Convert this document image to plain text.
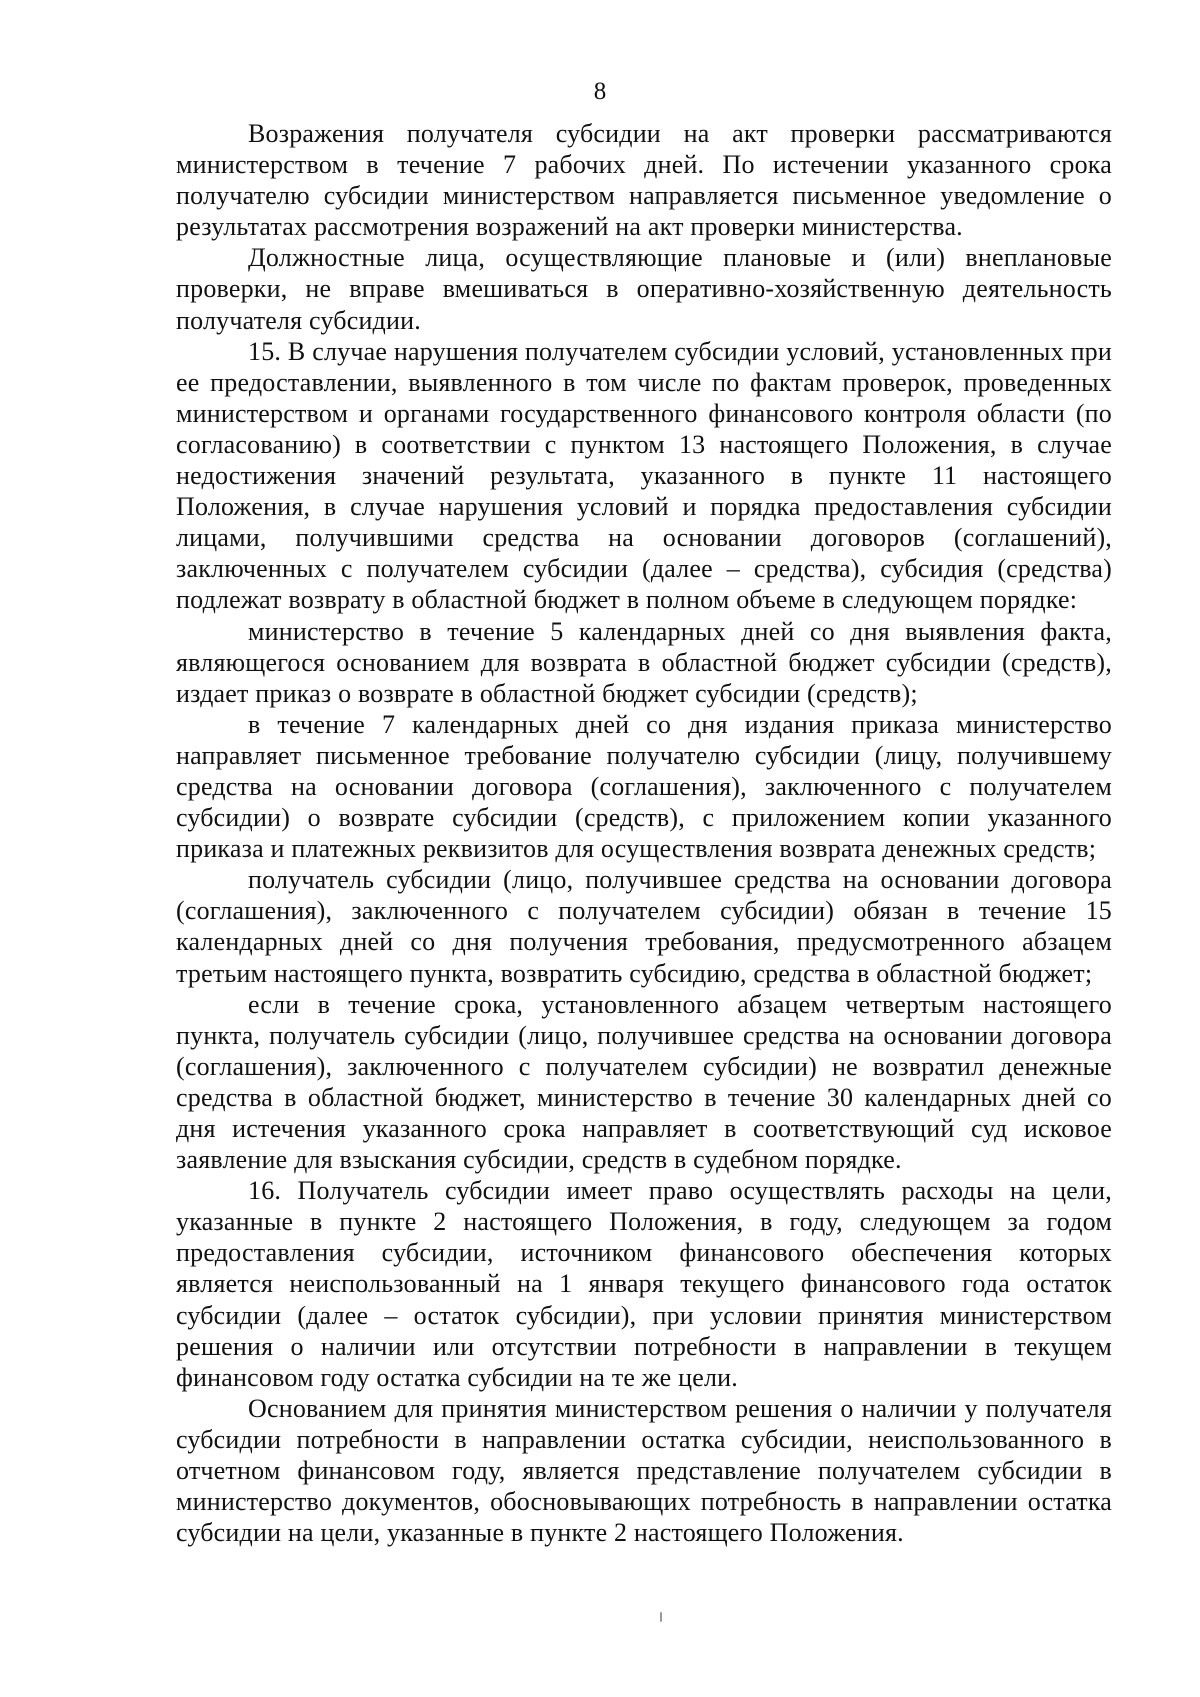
8

Возражения получателя субсидии на акт проверки рассматриваются министерством в течение 7 рабочих дней. По истечении указанного срока получателю субсидии министерством направляется письменное уведомление о результатах рассмотрения возражений на акт проверки министерства.

Должностные лица, осуществляющие плановые и (или) внеплановые проверки, не вправе вмешиваться в оперативно-хозяйственную деятельность получателя субсидии.

15. В случае нарушения получателем субсидии условий, установленных при ее предоставлении, выявленного в том числе по фактам проверок, проведенных министерством и органами государственного финансового контроля области (по согласованию) в соответствии с пунктом 13 настоящего Положения, в случае недостижения значений результата, указанного в пункте 11 настоящего Положения, в случае нарушения условий и порядка предоставления субсидии лицами, получившими средства на основании договоров (соглашений), заключенных с получателем субсидии (далее – средства), субсидия (средства) подлежат возврату в областной бюджет в полном объеме в следующем порядке:

министерство в течение 5 календарных дней со дня выявления факта, являющегося основанием для возврата в областной бюджет субсидии (средств), издает приказ о возврате в областной бюджет субсидии (средств);

в течение 7 календарных дней со дня издания приказа министерство направляет письменное требование получателю субсидии (лицу, получившему средства на основании договора (соглашения), заключенного с получателем субсидии) о возврате субсидии (средств), с приложением копии указанного приказа и платежных реквизитов для осуществления возврата денежных средств;

получатель субсидии (лицо, получившее средства на основании договора (соглашения), заключенного с получателем субсидии) обязан в течение 15 календарных дней со дня получения требования, предусмотренного абзацем третьим настоящего пункта, возвратить субсидию, средства в областной бюджет;

если в течение срока, установленного абзацем четвертым настоящего пункта, получатель субсидии (лицо, получившее средства на основании договора (соглашения), заключенного с получателем субсидии) не возвратил денежные средства в областной бюджет, министерство в течение 30 календарных дней со дня истечения указанного срока направляет в соответствующий суд исковое заявление для взыскания субсидии, средств в судебном порядке.

16. Получатель субсидии имеет право осуществлять расходы на цели, указанные в пункте 2 настоящего Положения, в году, следующем за годом предоставления субсидии, источником финансового обеспечения которых является неиспользованный на 1 января текущего финансового года остаток субсидии (далее – остаток субсидии), при условии принятия министерством решения о наличии или отсутствии потребности в направлении в текущем финансовом году остатка субсидии на те же цели.

Основанием для принятия министерством решения о наличии у получателя субсидии потребности в направлении остатка субсидии, неиспользованного в отчетном финансовом году, является представление получателем субсидии в министерство документов, обосновывающих потребность в направлении остатка субсидии на цели, указанные в пункте 2 настоящего Положения.
